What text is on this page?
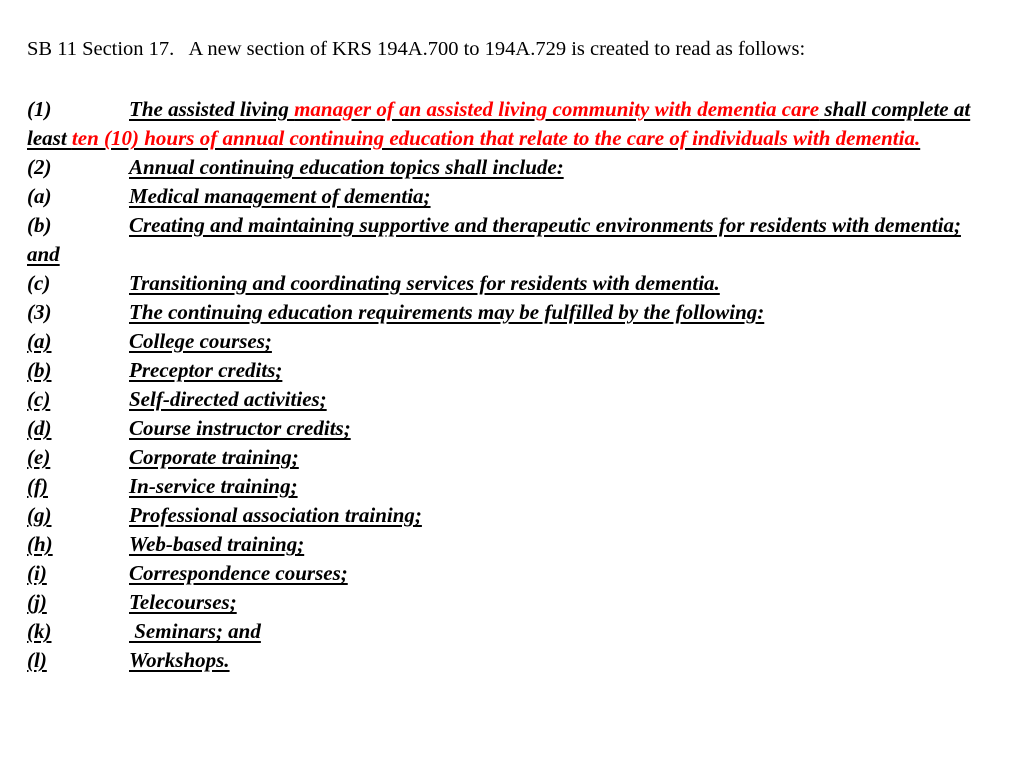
SB 11 Section 17.   A new section of KRS 194A.700 to 194A.729 is created to read as follows:

(1)	The assisted living manager of an assisted living community with dementia care shall complete at least ten (10) hours of annual continuing education that relate to the care of individuals with dementia.

(2)	Annual continuing education topics shall include:

(a)	Medical management of dementia;

(b)	Creating and maintaining supportive and therapeutic environments for residents with dementia; and

(c)	Transitioning and coordinating services for residents with dementia.

(3)	The continuing education requirements may be fulfilled by the following:

(a)	College courses;
(b)	Preceptor credits;
(c)	Self-directed activities;
(d)	Course instructor credits;
(e)	Corporate training;
(f)	In-service training;
(g)	Professional association training;
(h)	Web-based training;
(i)	Correspondence courses;
(j)	Telecourses;
(k)	Seminars; and
(l)	Workshops.
